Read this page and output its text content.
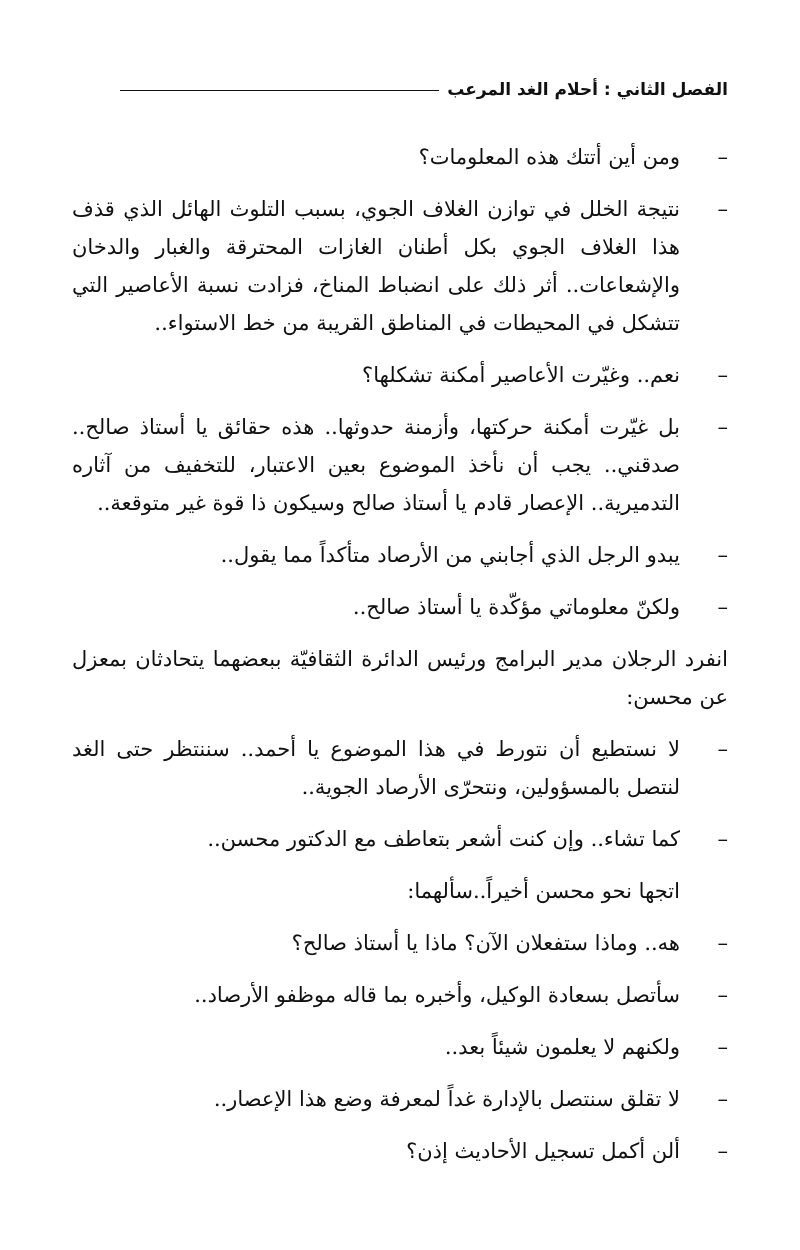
الفصل الثاني : أحلام الغد المرعب
–
ومن أين أتتك هذه المعلومات؟
–
نتيجة الخلل في توازن الغلاف الجوي، بسبب التلوث الهائل الذي قذف هذا الغلاف الجوي بكل أطنان الغازات المحترقة والغبار والدخان والإشعاعات.. أثر ذلك على انضباط المناخ، فزادت نسبة الأعاصير التي تتشكل في المحيطات في المناطق القريبة من خط الاستواء..
–
نعم.. وغيّرت الأعاصير أمكنة تشكلها؟
–
بل غيّرت أمكنة حركتها، وأزمنة حدوثها.. هذه حقائق يا أستاذ صالح.. صدقني.. يجب أن نأخذ الموضوع بعين الاعتبار، للتخفيف من آثاره التدميرية.. الإعصار قادم يا أستاذ صالح وسيكون ذا قوة غير متوقعة..
–
يبدو الرجل الذي أجابني من الأرصاد متأكداً مما يقول..
–
ولكنّ معلوماتي مؤكّدة يا أستاذ صالح..
انفرد الرجلان مدير البرامج ورئيس الدائرة الثقافيّة ببعضهما يتحادثان بمعزل عن محسن:
–
لا نستطيع أن نتورط في هذا الموضوع يا أحمد.. سننتظر حتى الغد لنتصل بالمسؤولين، ونتحرّى الأرصاد الجوية..
–
كما تشاء.. وإن كنت أشعر بتعاطف مع الدكتور محسن..
اتجها نحو محسن أخيراً..سألهما:
–
هه.. وماذا ستفعلان الآن؟ ماذا يا أستاذ صالح؟
–
سأتصل بسعادة الوكيل، وأخبره بما قاله موظفو الأرصاد..
–
ولكنهم لا يعلمون شيئاً بعد..
–
لا تقلق سنتصل بالإدارة غداً لمعرفة وضع هذا الإعصار..
–
ألن أكمل تسجيل الأحاديث إذن؟
